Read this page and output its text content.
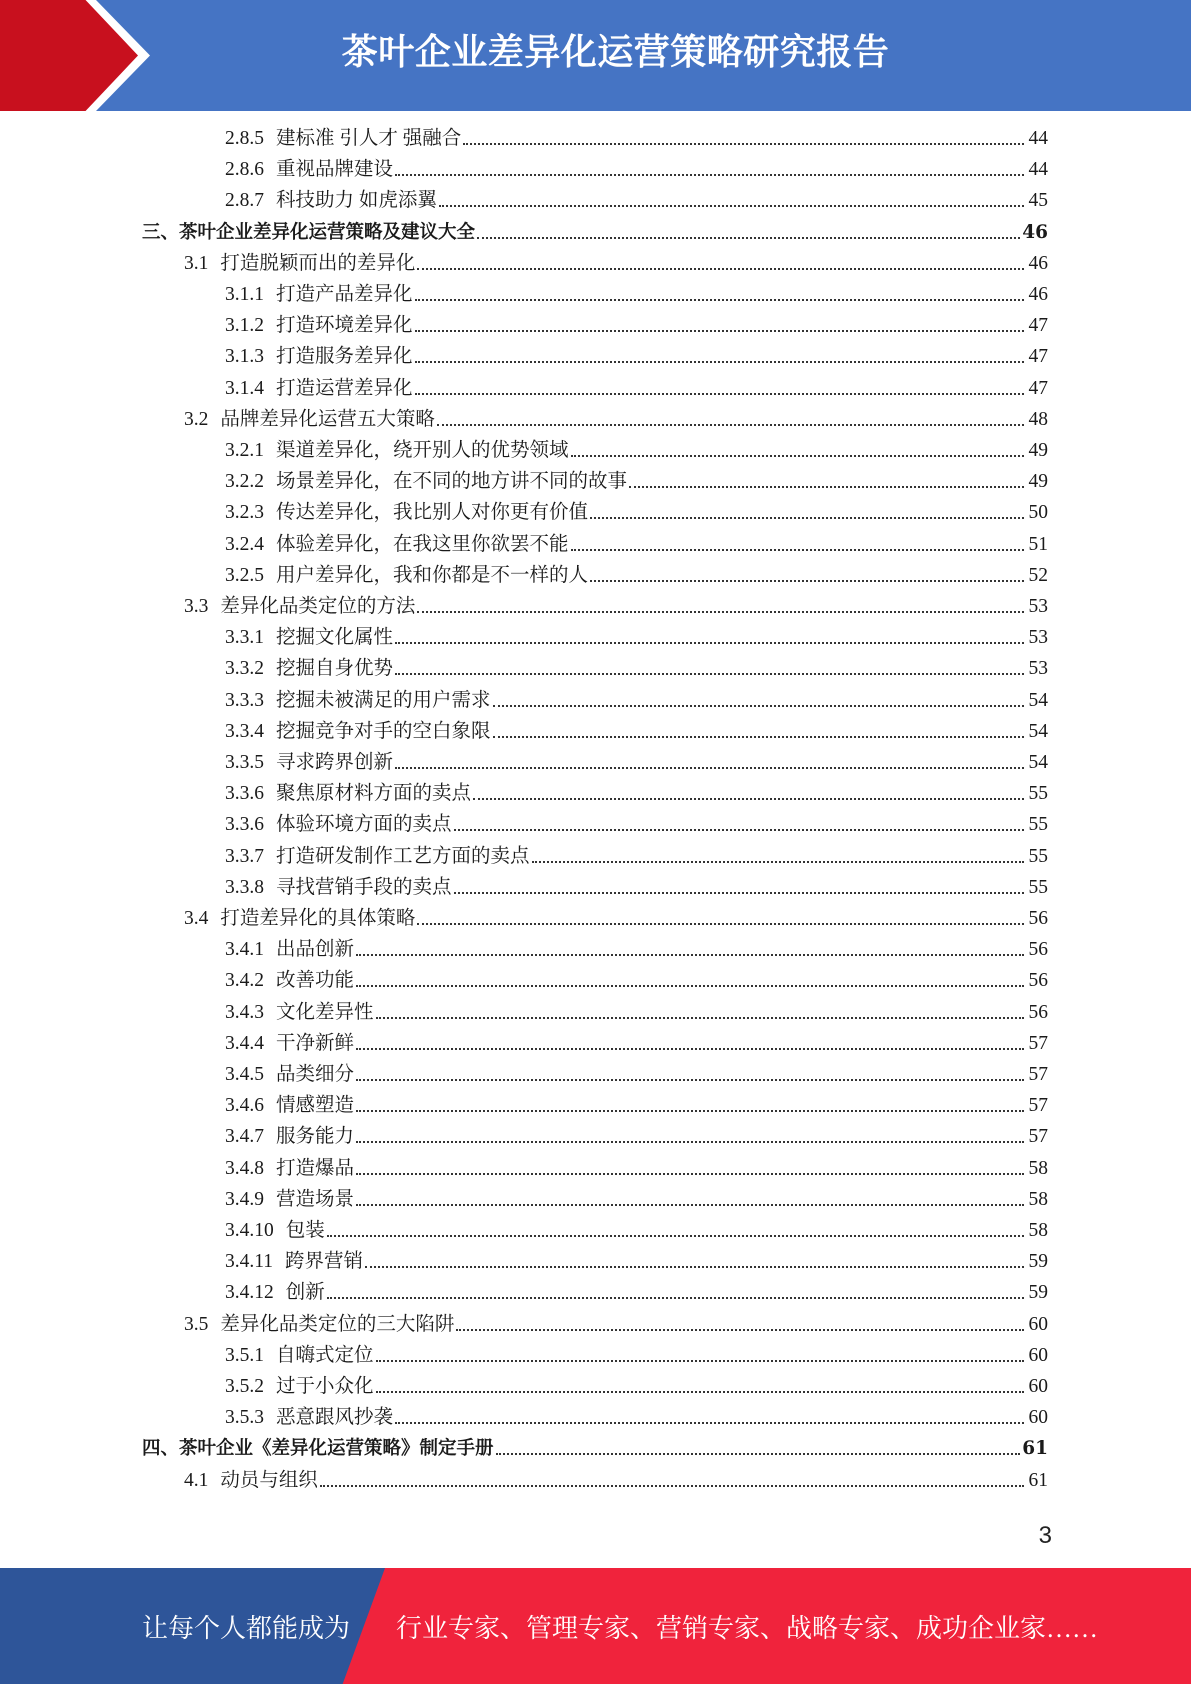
茶叶企业差异化运营策略研究报告
2.8.5 建标准 引人才 强融合	44
2.8.6 重视品牌建设	44
2.8.7 科技助力 如虎添翼	45
三、茶叶企业差异化运营策略及建议大全	46
3.1 打造脱颖而出的差异化	46
3.1.1 打造产品差异化	46
3.1.2 打造环境差异化	47
3.1.3 打造服务差异化	47
3.1.4 打造运营差异化	47
3.2 品牌差异化运营五大策略	48
3.2.1 渠道差异化，绕开别人的优势领域	49
3.2.2 场景差异化，在不同的地方讲不同的故事	49
3.2.3 传达差异化，我比别人对你更有价值	50
3.2.4 体验差异化，在我这里你欲罢不能	51
3.2.5 用户差异化，我和你都是不一样的人	52
3.3 差异化品类定位的方法	53
3.3.1 挖掘文化属性	53
3.3.2 挖掘自身优势	53
3.3.3 挖掘未被满足的用户需求	54
3.3.4 挖掘竞争对手的空白象限	54
3.3.5 寻求跨界创新	54
3.3.6 聚焦原材料方面的卖点	55
3.3.6 体验环境方面的卖点	55
3.3.7 打造研发制作工艺方面的卖点	55
3.3.8 寻找营销手段的卖点	55
3.4 打造差异化的具体策略	56
3.4.1 出品创新	56
3.4.2 改善功能	56
3.4.3 文化差异性	56
3.4.4 干净新鲜	57
3.4.5 品类细分	57
3.4.6 情感塑造	57
3.4.7 服务能力	57
3.4.8 打造爆品	58
3.4.9 营造场景	58
3.4.10 包装	58
3.4.11 跨界营销	59
3.4.12 创新	59
3.5 差异化品类定位的三大陷阱	60
3.5.1 自嗨式定位	60
3.5.2 过于小众化	60
3.5.3 恶意跟风抄袭	60
四、茶叶企业《差异化运营策略》制定手册	61
4.1 动员与组织	61
3
让每个人都能成为 行业专家、管理专家、营销专家、战略专家、成功企业家……
